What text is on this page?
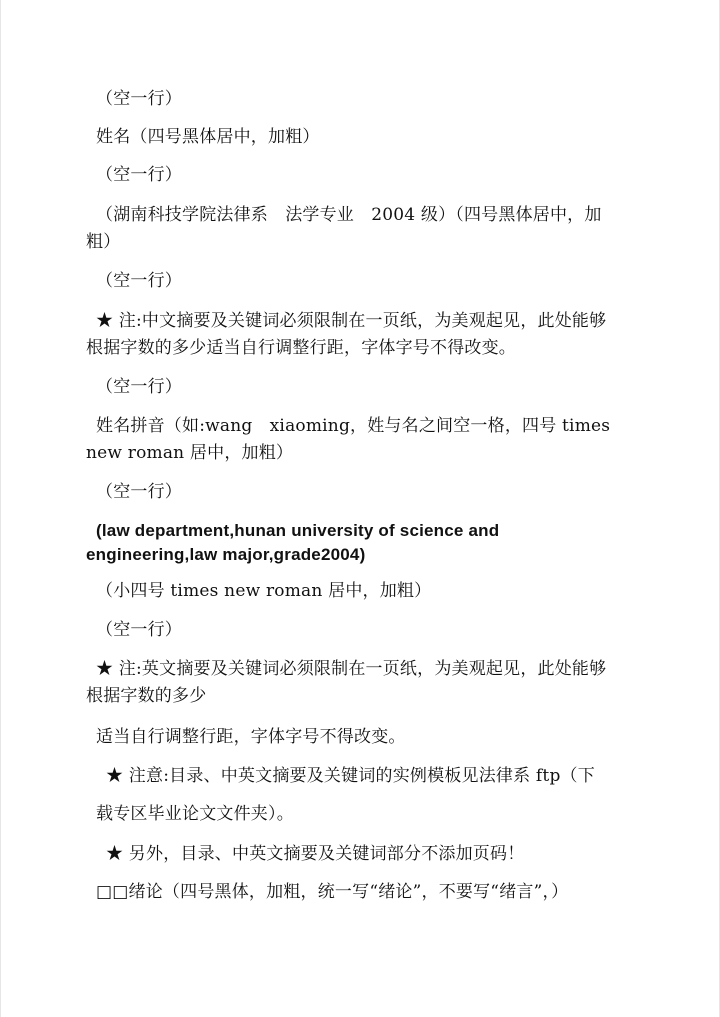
（空一行）
姓名（四号黑体居中，加粗）
（空一行）
（湖南科技学院法律系　法学专业　2004 级）（四号黑体居中，加
粗）
（空一行）
★ 注:中文摘要及关键词必须限制在一页纸，为美观起见，此处能够
根据字数的多少适当自行调整行距，字体字号不得改变。
（空一行）
姓名拼音（如:wang　xiaoming，姓与名之间空一格，四号 times
new roman 居中，加粗）
（空一行）
(law department,hunan university of science and
engineering,law major,grade2004)
（小四号 times new roman 居中，加粗）
（空一行）
★ 注:英文摘要及关键词必须限制在一页纸，为美观起见，此处能够
根据字数的多少
适当自行调整行距，字体字号不得改变。
★ 注意:目录、中英文摘要及关键词的实例模板见法律系 ftp（下
载专区毕业论文文件夹）。
★ 另外，目录、中英文摘要及关键词部分不添加页码！
□□绪论（四号黑体，加粗，统一写“绪论”，不要写“绪言”，）
